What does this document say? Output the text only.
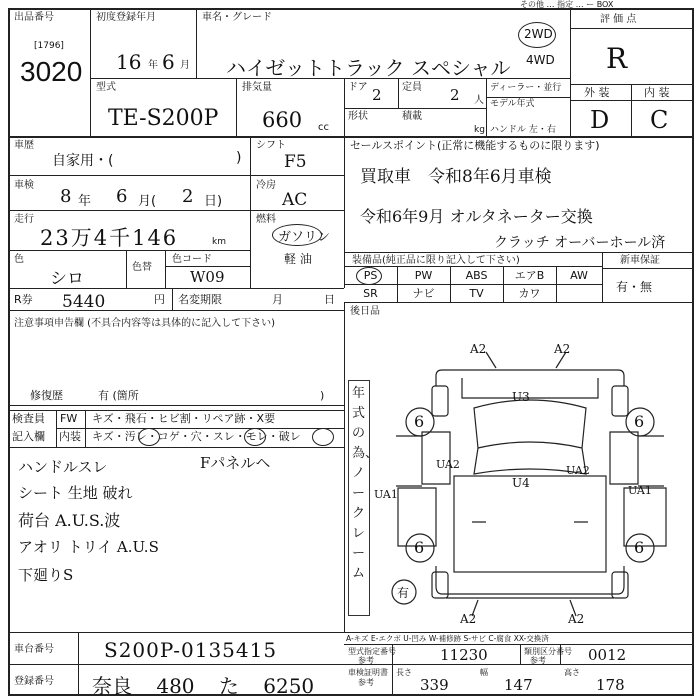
出品番号
[1796]
3020
初度登録年月
16 年 6 月
車名・グレード
ハイゼットトラック スペシャル
2WD
4WD
その他 … 指定 … ー BOX
評 価 点
R
型式
TE-S200P
排気量
660 cc
ドア 2 定員 2 人
ディーラー・並行
モデル年式
形状	積載
kg ハンドル 左・右
外 装	内 装
D C
車歴
自家用・(	)
シフト
F5
セールスポイント(正常に機能するものに限ります)
買取車　令和8年6月車検
令和6年9月 オルタネーター交換
クラッチ オーバーホール済
車検
8 年 6 月( 2 日)
冷房
AC
走行
23万4千146	km
燃料
ガソリン
軽 油
色
シロ
色替
色コード
W09
装備品(純正品に限り記入して下さい)	新車保証
有・無
PS	PW	ABS	エアB	AW
SR	ナビ	TV	カワ
R券 5440	円 名変期限	月	日
後日品
注意事項申告欄 (不具合内容等は具体的に記入して下さい)
修復歴	有 (箇所	)
検査員
記入欄
FW キズ・飛石・ヒビ割・リペア跡・X要
内装 キズ・汚レ・コゲ・穴・スレ・モレ・破レ
ハンドルスレ	Fパネルヘ
シート 生地 破れ
荷台 A.U.S.波
アオリ トリイ A.U.S
下廻りS
年式の為、ノークレーム
A2	A2
A2	A2
6	6
6	6
U3
UA2	UA2
UA1	UA1
U4
有
A-キズ E-エクボ U-凹み W-補修跡 S-サビ C-腐食 XX-交換済
車台番号	S200P-0135415
登録番号 奈良 480 た 6250
型式指定番号
参考	11230	類別区分番号
参考	0012
車検証明書
参考
長さ
339
幅
147
高さ
178
